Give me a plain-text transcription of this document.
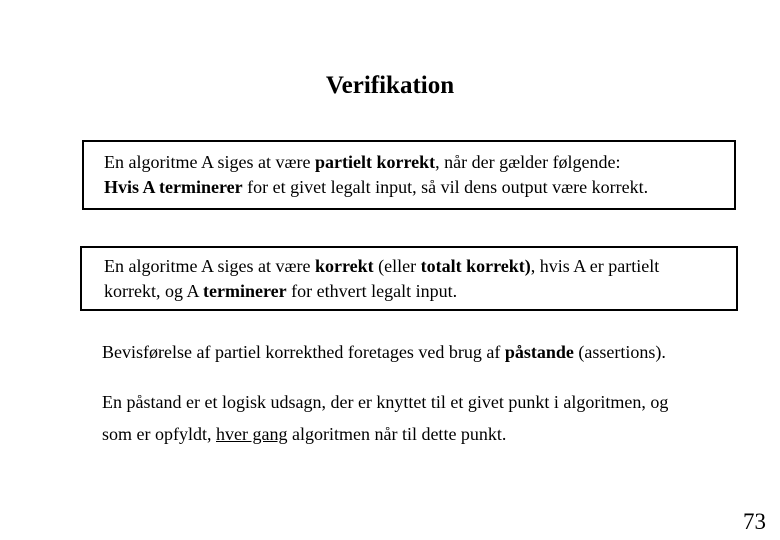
Verifikation
En algoritme A siges at være partielt korrekt, når der gælder følgende:
Hvis A terminerer for et givet legalt input, så vil dens output være korrekt.
En algoritme A siges at være korrekt (eller totalt korrekt), hvis A er partielt
korrekt, og A terminerer for ethvert legalt input.
Bevisførelse af partiel korrekthed foretages ved brug af påstande (assertions).
En påstand er et logisk udsagn, der er knyttet til et givet punkt i algoritmen, og
som er opfyldt, hver gang algoritmen når til dette punkt.
73
